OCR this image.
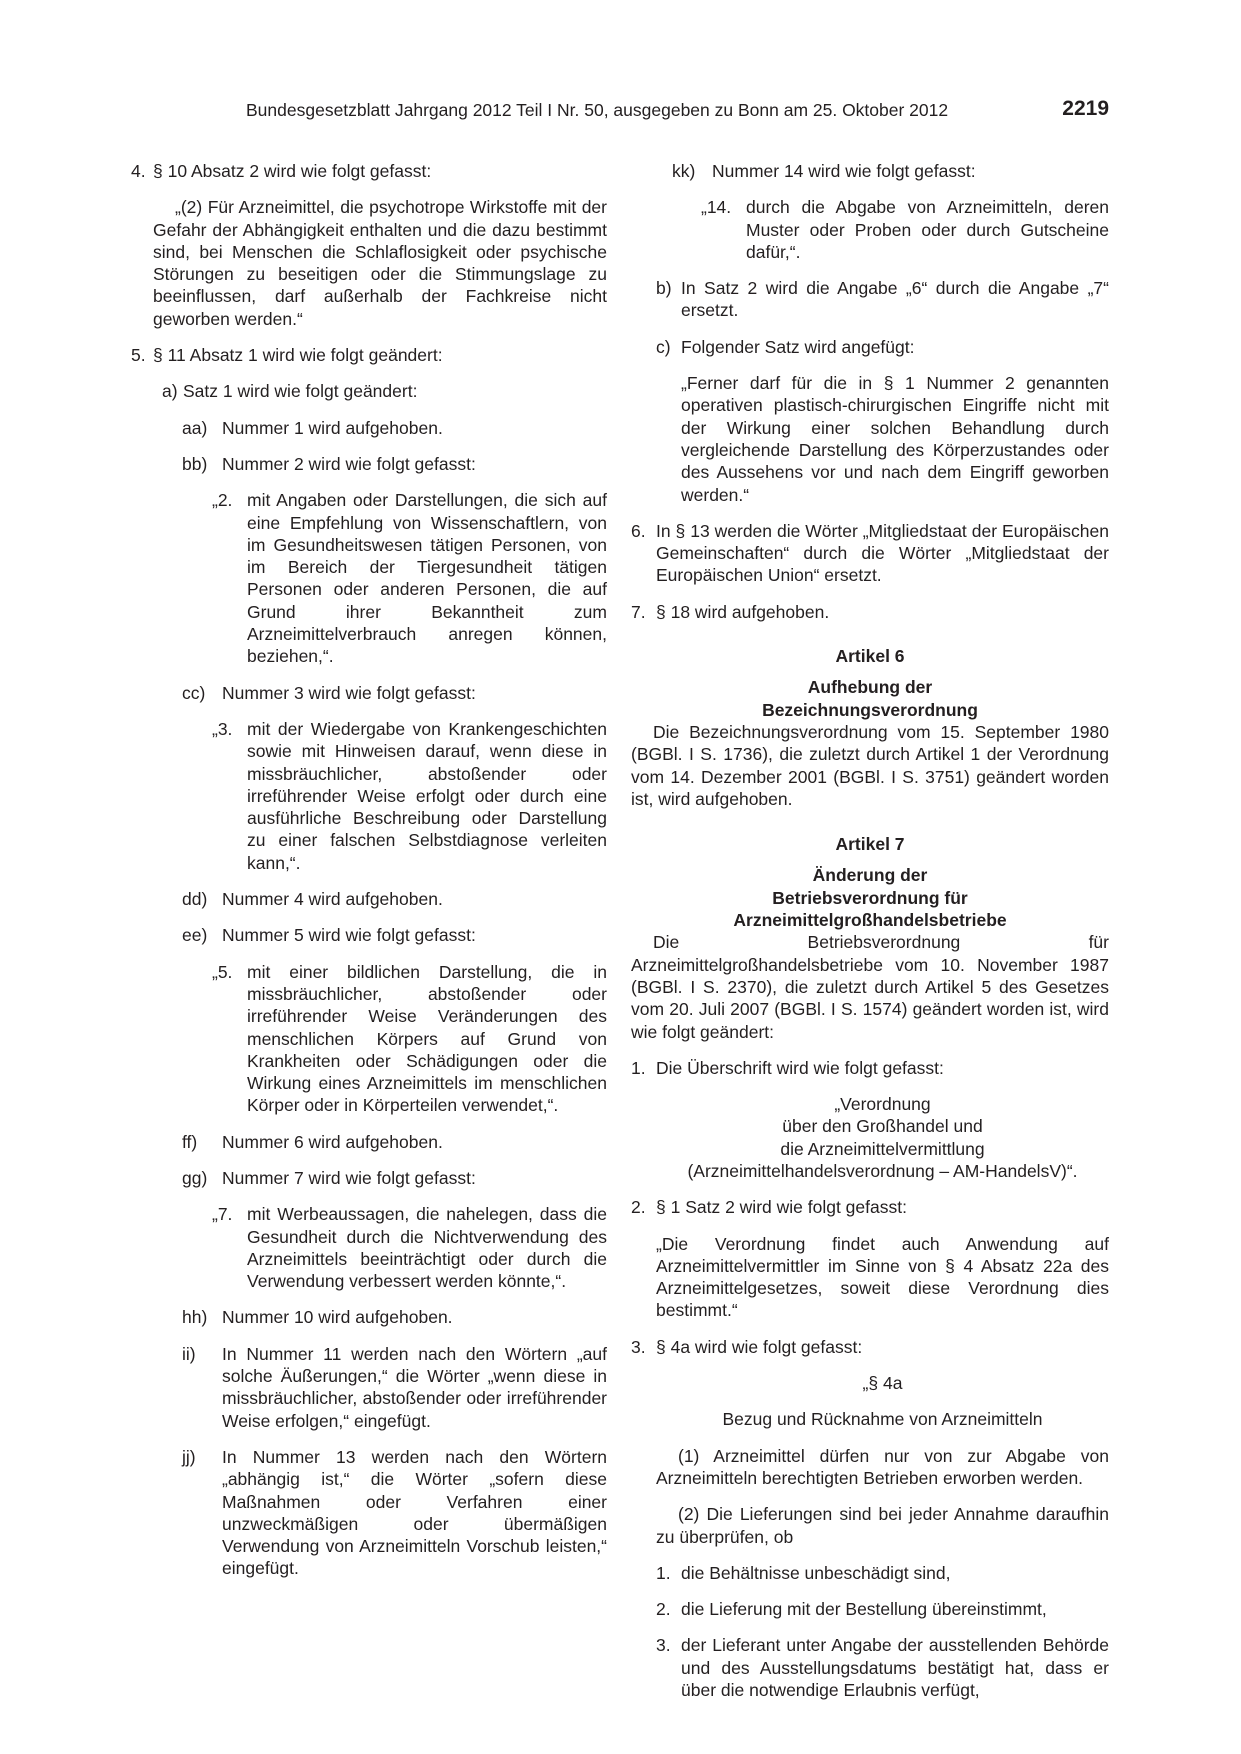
Bundesgesetzblatt Jahrgang 2012 Teil I Nr. 50, ausgegeben zu Bonn am 25. Oktober 2012	2219
4. § 10 Absatz 2 wird wie folgt gefasst:
„(2) Für Arzneimittel, die psychotrope Wirkstoffe mit der Gefahr der Abhängigkeit enthalten und die dazu bestimmt sind, bei Menschen die Schlaflosigkeit oder psychische Störungen zu beseitigen oder die Stimmungslage zu beeinflussen, darf außerhalb der Fachkreise nicht geworben werden.“
5. § 11 Absatz 1 wird wie folgt geändert:
a) Satz 1 wird wie folgt geändert:
aa) Nummer 1 wird aufgehoben.
bb) Nummer 2 wird wie folgt gefasst:
„2. mit Angaben oder Darstellungen, die sich auf eine Empfehlung von Wissenschaftlern, von im Gesundheitswesen tätigen Personen, von im Bereich der Tiergesundheit tätigen Personen oder anderen Personen, die auf Grund ihrer Bekanntheit zum Arzneimittelverbrauch anregen können, beziehen,“.
cc) Nummer 3 wird wie folgt gefasst:
„3. mit der Wiedergabe von Krankengeschichten sowie mit Hinweisen darauf, wenn diese in missbräuchlicher, abstoßender oder irreführender Weise erfolgt oder durch eine ausführliche Beschreibung oder Darstellung zu einer falschen Selbstdiagnose verleiten kann,“.
dd) Nummer 4 wird aufgehoben.
ee) Nummer 5 wird wie folgt gefasst:
„5. mit einer bildlichen Darstellung, die in missbräuchlicher, abstoßender oder irreführender Weise Veränderungen des menschlichen Körpers auf Grund von Krankheiten oder Schädigungen oder die Wirkung eines Arzneimittels im menschlichen Körper oder in Körperteilen verwendet,“.
ff) Nummer 6 wird aufgehoben.
gg) Nummer 7 wird wie folgt gefasst:
„7. mit Werbeaussagen, die nahelegen, dass die Gesundheit durch die Nichtverwendung des Arzneimittels beeinträchtigt oder durch die Verwendung verbessert werden könnte,“.
hh) Nummer 10 wird aufgehoben.
ii) In Nummer 11 werden nach den Wörtern „auf solche Äußerungen,“ die Wörter „wenn diese in missbräuchlicher, abstoßender oder irreführender Weise erfolgen,“ eingefügt.
jj) In Nummer 13 werden nach den Wörtern „abhängig ist,“ die Wörter „sofern diese Maßnahmen oder Verfahren einer unzweckmäßigen oder übermäßigen Verwendung von Arzneimitteln Vorschub leisten,“ eingefügt.
kk) Nummer 14 wird wie folgt gefasst:
„14. durch die Abgabe von Arzneimitteln, deren Muster oder Proben oder durch Gutscheine dafür,“.
b) In Satz 2 wird die Angabe „6“ durch die Angabe „7“ ersetzt.
c) Folgender Satz wird angefügt:
„Ferner darf für die in § 1 Nummer 2 genannten operativen plastisch-chirurgischen Eingriffe nicht mit der Wirkung einer solchen Behandlung durch vergleichende Darstellung des Körperzustandes oder des Aussehens vor und nach dem Eingriff geworben werden.“
6. In § 13 werden die Wörter „Mitgliedstaat der Europäischen Gemeinschaften“ durch die Wörter „Mitgliedstaat der Europäischen Union“ ersetzt.
7. § 18 wird aufgehoben.
Artikel 6
Aufhebung der
Bezeichnungsverordnung
Die Bezeichnungsverordnung vom 15. September 1980 (BGBl. I S. 1736), die zuletzt durch Artikel 1 der Verordnung vom 14. Dezember 2001 (BGBl. I S. 3751) geändert worden ist, wird aufgehoben.
Artikel 7
Änderung der
Betriebsverordnung für
Arzneimittelgroßhandelsbetriebe
Die Betriebsverordnung für Arzneimittelgroßhandelsbetriebe vom 10. November 1987 (BGBl. I S. 2370), die zuletzt durch Artikel 5 des Gesetzes vom 20. Juli 2007 (BGBl. I S. 1574) geändert worden ist, wird wie folgt geändert:
1. Die Überschrift wird wie folgt gefasst:
„Verordnung
über den Großhandel und
die Arzneimittelvermittlung
(Arzneimittelhandelsverordnung – AM-HandelsV)“.
2. § 1 Satz 2 wird wie folgt gefasst:
„Die Verordnung findet auch Anwendung auf Arzneimittelvermittler im Sinne von § 4 Absatz 22a des Arzneimittelgesetzes, soweit diese Verordnung dies bestimmt.“
3. § 4a wird wie folgt gefasst:
„§ 4a
Bezug und Rücknahme von Arzneimitteln
(1) Arzneimittel dürfen nur von zur Abgabe von Arzneimitteln berechtigten Betrieben erworben werden.
(2) Die Lieferungen sind bei jeder Annahme daraufhin zu überprüfen, ob
1. die Behältnisse unbeschädigt sind,
2. die Lieferung mit der Bestellung übereinstimmt,
3. der Lieferant unter Angabe der ausstellenden Behörde und des Ausstellungsdatums bestätigt hat, dass er über die notwendige Erlaubnis verfügt,
